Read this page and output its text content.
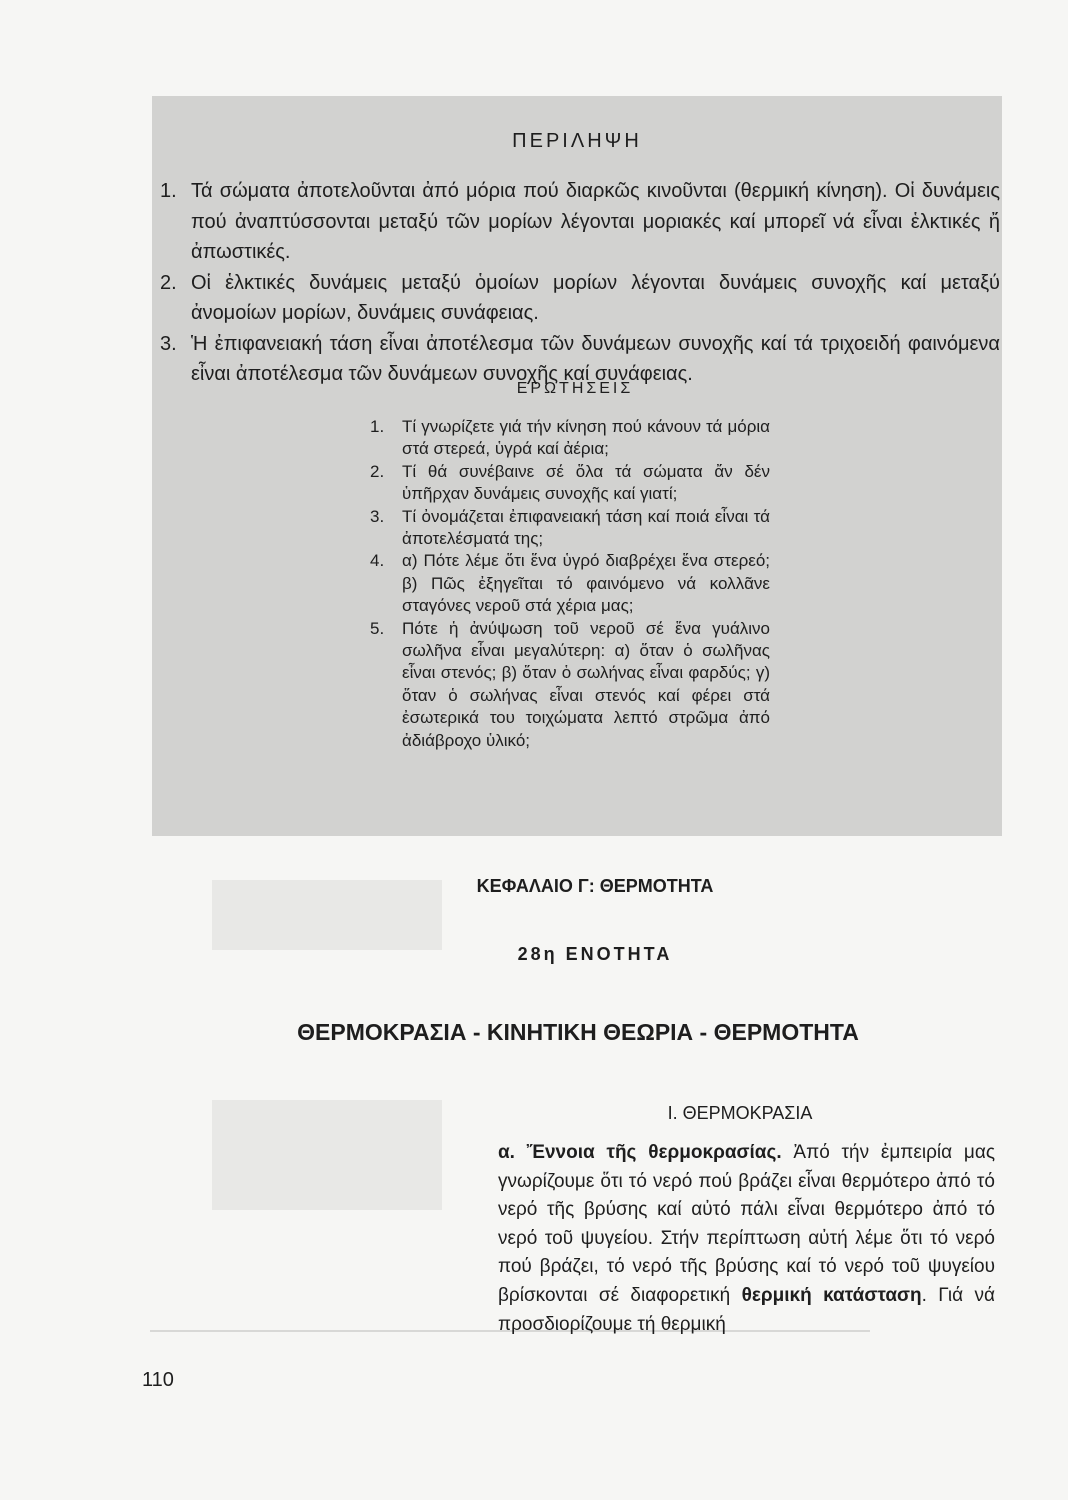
ΠΕΡΙΛΗΨΗ
1. Τά σώματα ἀποτελοῦνται ἀπό μόρια πού διαρκῶς κινοῦνται (θερμική κίνηση). Οἱ δυνάμεις πού ἀναπτύσσονται μεταξύ τῶν μορίων λέγονται μοριακές καί μπορεῖ νά εἶναι ἑλκτικές ἤ ἀπωστικές.
2. Οἱ ἑλκτικές δυνάμεις μεταξύ ὁμοίων μορίων λέγονται δυνάμεις συνοχῆς καί μεταξύ ἀνομοίων μορίων, δυνάμεις συνάφειας.
3. Ἡ ἐπιφανειακή τάση εἶναι ἀποτέλεσμα τῶν δυνάμεων συνοχῆς καί τά τριχοειδή φαινόμενα εἶναι ἀποτέλεσμα τῶν δυνάμεων συνοχῆς καί συνάφειας.
ΕΡΩΤΗΣΕΙΣ
1. Τί γνωρίζετε γιά τήν κίνηση πού κάνουν τά μόρια στά στερεά, ὑγρά καί ἀέρια;
2. Τί θά συνέβαινε σέ ὅλα τά σώματα ἄν δέν ὑπῆρχαν δυνάμεις συνοχῆς καί γιατί;
3. Τί ὀνομάζεται ἐπιφανειακή τάση καί ποιά εἶναι τά ἀποτελέσματά της;
4. α) Πότε λέμε ὅτι ἕνα ὑγρό διαβρέχει ἕνα στερεό; β) Πῶς ἐξηγεῖται τό φαινόμενο νά κολλᾶνε σταγόνες νεροῦ στά χέρια μας;
5. Πότε ἡ ἀνύψωση τοῦ νεροῦ σέ ἕνα γυάλινο σωλῆνα εἶναι μεγαλύτερη: α) ὅταν ὁ σωλῆνας εἶναι στενός; β) ὅταν ὁ σωλήνας εἶναι φαρδύς; γ) ὅταν ὁ σωλήνας εἶναι στενός καί φέρει στά ἐσωτερικά του τοιχώματα λεπτό στρῶμα ἀπό ἀδιάβροχο ὑλικό;
ΚΕΦΑΛΑΙΟ Γ: ΘΕΡΜΟΤΗΤΑ
28η ΕΝΟΤΗΤΑ
ΘΕΡΜΟΚΡΑΣΙΑ - ΚΙΝΗΤΙΚΗ ΘΕΩΡΙΑ - ΘΕΡΜΟΤΗΤΑ
I. ΘΕΡΜΟΚΡΑΣΙΑ

α. Ἔννοια τῆς θερμοκρασίας. Ἀπό τήν ἐμπειρία μας γνωρίζουμε ὅτι τό νερό πού βράζει εἶναι θερμότερο ἀπό τό νερό τῆς βρύσης καί αὐτό πάλι εἶναι θερμότερο ἀπό τό νερό τοῦ ψυγείου. Στήν περίπτωση αὐτή λέμε ὅτι τό νερό πού βράζει, τό νερό τῆς βρύσης καί τό νερό τοῦ ψυγείου βρίσκονται σέ διαφορετική θερμική κατάσταση. Γιά νά προσδιορίζουμε τή θερμική

110
